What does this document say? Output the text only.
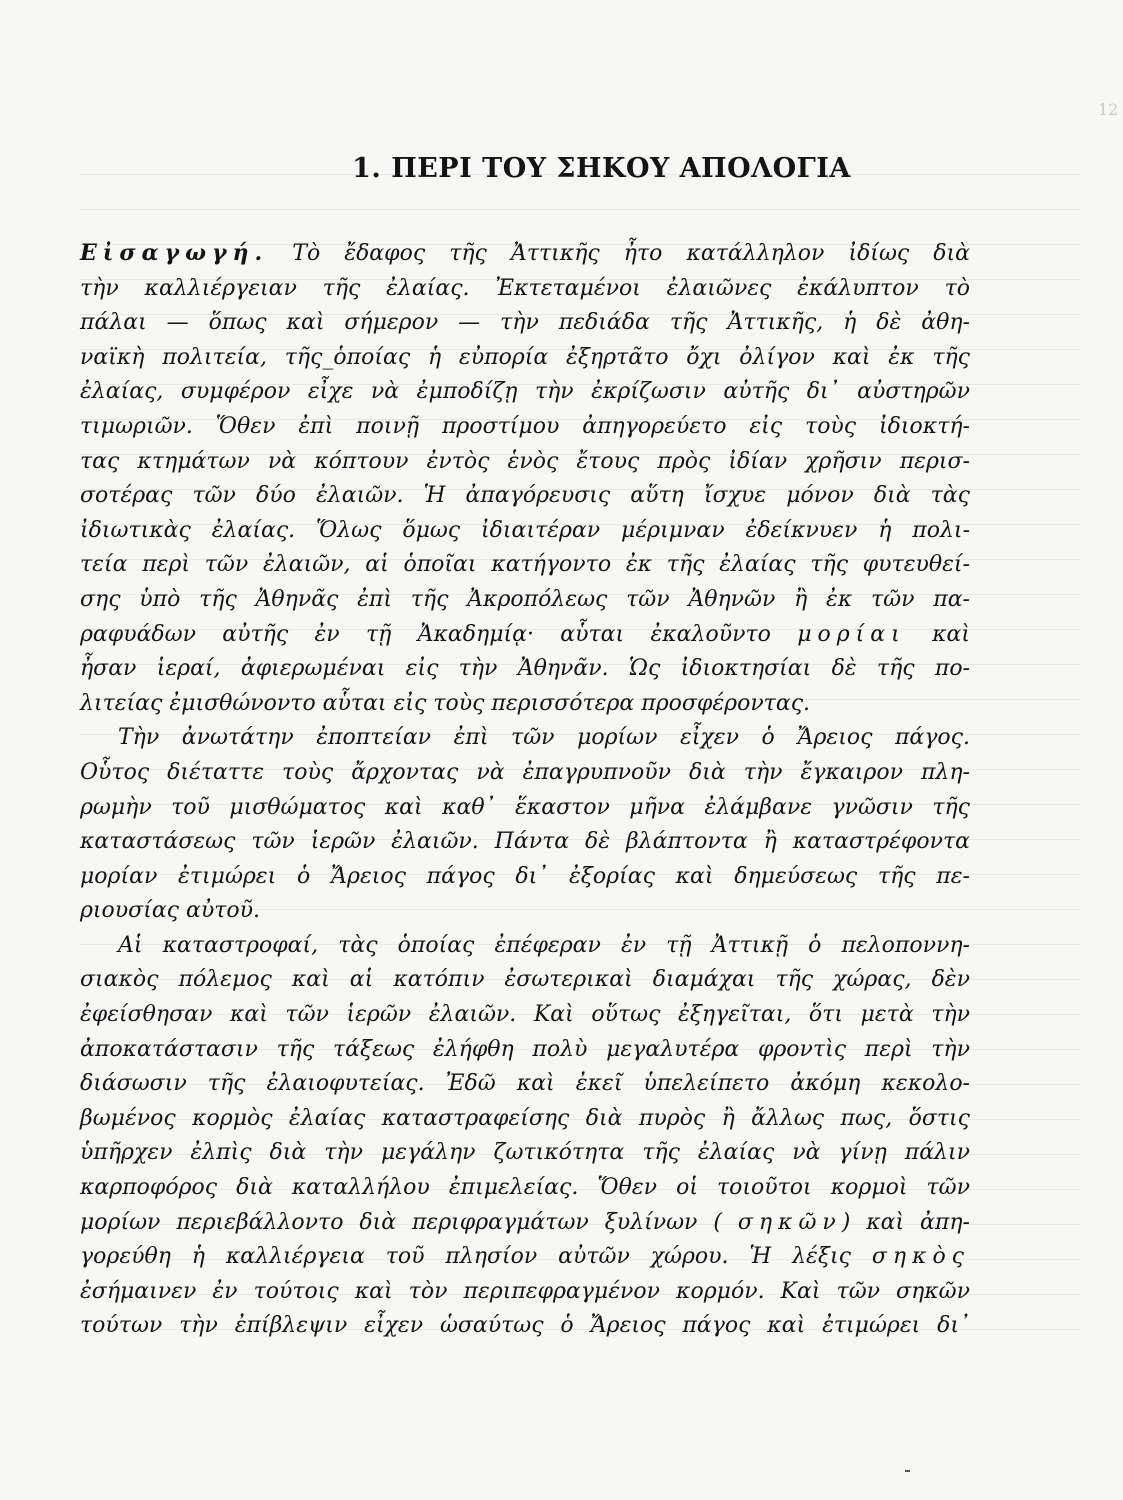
12
1. ΠΕΡΙ ΤΟΥ ΣΗΚΟΥ ΑΠΟΛΟΓΙΑ
Εἰσαγωγή. Τὸ ἔδαφος τῆς Ἀττικῆς ἦτο κατάλληλον ἰδίως διὰ
τὴν καλλιέργειαν τῆς ἐλαίας. Ἐκτεταμένοι ἐλαιῶνες ἐκάλυπτον τὸ
πάλαι — ὅπως καὶ σήμερον — τὴν πεδιάδα τῆς Ἀττικῆς, ἡ δὲ ἀθη-
ναϊκὴ πολιτεία, τῆς_ὁποίας ἡ εὐπορία ἐξηρτᾶτο ὄχι ὀλίγον καὶ ἐκ τῆς
ἐλαίας, συμφέρον εἶχε νὰ ἐμποδίζῃ τὴν ἐκρίζωσιν αὐτῆς δι᾽ αὐστηρῶν
τιμωριῶν. Ὅθεν ἐπὶ ποινῇ προστίμου ἀπηγορεύετο εἰς τοὺς ἰδιοκτή-
τας κτημάτων νὰ κόπτουν ἐντὸς ἑνὸς ἔτους πρὸς ἰδίαν χρῆσιν περισ-
σοτέρας τῶν δύο ἐλαιῶν. Ἡ ἀπαγόρευσις αὕτη ἴσχυε μόνον διὰ τὰς
ἰδιωτικὰς ἐλαίας. Ὅλως ὅμως ἰδιαιτέραν μέριμναν ἐδείκνυεν ἡ πολι-
τεία περὶ τῶν ἐλαιῶν, αἱ ὁποῖαι κατήγοντο ἐκ τῆς ἐλαίας τῆς φυτευθεί-
σης ὑπὸ τῆς Ἀθηνᾶς ἐπὶ τῆς Ἀκροπόλεως τῶν Ἀθηνῶν ἢ ἐκ τῶν πα-
ραφυάδων αὐτῆς ἐν τῇ Ἀκαδημίᾳ· αὗται ἐκαλοῦντο μορίαι καὶ
ἦσαν ἱεραί, ἀφιερωμέναι εἰς τὴν Ἀθηνᾶν. Ὡς ἰδιοκτησίαι δὲ τῆς πο-
λιτείας ἐμισθώνοντο αὗται εἰς τοὺς περισσότερα προσφέροντας.
Τὴν ἀνωτάτην ἐποπτείαν ἐπὶ τῶν μορίων εἶχεν ὁ Ἄρειος πάγος.
Οὗτος διέταττε τοὺς ἄρχοντας νὰ ἐπαγρυπνοῦν διὰ τὴν ἔγκαιρον πλη-
ρωμὴν τοῦ μισθώματος καὶ καθ᾽ ἕκαστον μῆνα ἐλάμβανε γνῶσιν τῆς
καταστάσεως τῶν ἱερῶν ἐλαιῶν. Πάντα δὲ βλάπτοντα ἢ καταστρέφοντα
μορίαν ἐτιμώρει ὁ Ἄρειος πάγος δι᾽ ἐξορίας καὶ δημεύσεως τῆς πε-
ριουσίας αὐτοῦ.
Αἱ καταστροφαί, τὰς ὁποίας ἐπέφεραν ἐν τῇ Ἀττικῇ ὁ πελοποννη-
σιακὸς πόλεμος καὶ αἱ κατόπιν ἐσωτερικαὶ διαμάχαι τῆς χώρας, δὲν
ἐφείσθησαν καὶ τῶν ἱερῶν ἐλαιῶν. Καὶ οὕτως ἐξηγεῖται, ὅτι μετὰ τὴν
ἀποκατάστασιν τῆς τάξεως ἐλήφθη πολὺ μεγαλυτέρα φροντὶς περὶ τὴν
διάσωσιν τῆς ἐλαιοφυτείας. Ἐδῶ καὶ ἐκεῖ ὑπελείπετο ἀκόμη κεκολο-
βωμένος κορμὸς ἐλαίας καταστραφείσης διὰ πυρὸς ἢ ἄλλως πως, ὅστις
ὑπῆρχεν ἐλπὶς διὰ τὴν μεγάλην ζωτικότητα τῆς ἐλαίας νὰ γίνῃ πάλιν
καρποφόρος διὰ καταλλήλου ἐπιμελείας. Ὅθεν οἱ τοιοῦτοι κορμοὶ τῶν
μορίων περιεβάλλοντο διὰ περιφραγμάτων ξυλίνων ( σηκῶν) καὶ ἀπη-
γορεύθη ἡ καλλιέργεια τοῦ πλησίον αὐτῶν χώρου. Ἡ λέξις σηκὸς
ἐσήμαινεν ἐν τούτοις καὶ τὸν περιπεφραγμένον κορμόν. Καὶ τῶν σηκῶν
τούτων τὴν ἐπίβλεψιν εἶχεν ὡσαύτως ὁ Ἄρειος πάγος καὶ ἐτιμώρει δι᾽
